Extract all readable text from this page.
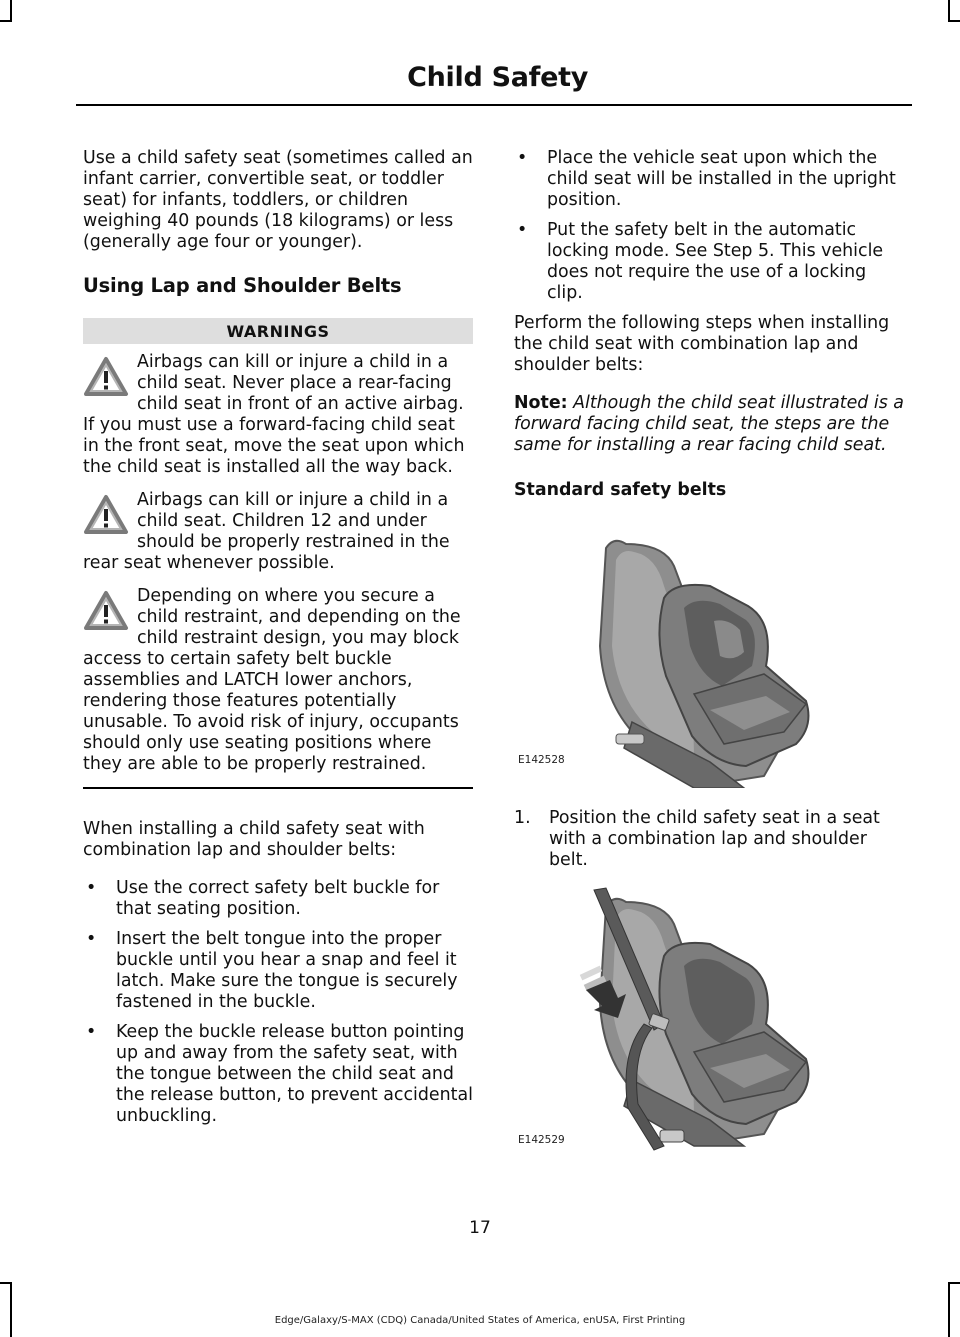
Child Safety

Use a child safety seat (sometimes called an infant carrier, convertible seat, or toddler seat) for infants, toddlers, or children weighing 40 pounds (18 kilograms) or less (generally age four or younger).

Using Lap and Shoulder Belts
WARNINGS
Airbags can kill or injure a child in a child seat. Never place a rear-facing child seat in front of an active airbag. If you must use a forward-facing child seat in the front seat, move the seat upon which the child seat is installed all the way back.
Airbags can kill or injure a child in a child seat. Children 12 and under should be properly restrained in the rear seat whenever possible.
Depending on where you secure a child restraint, and depending on the child restraint design, you may block access to certain safety belt buckle assemblies and LATCH lower anchors, rendering those features potentially unusable. To avoid risk of injury, occupants should only use seating positions where they are able to be properly restrained.

When installing a child safety seat with combination lap and shoulder belts:

• Use the correct safety belt buckle for that seating position.
• Insert the belt tongue into the proper buckle until you hear a snap and feel it latch. Make sure the tongue is securely fastened in the buckle.
• Keep the buckle release button pointing up and away from the safety seat, with the tongue between the child seat and the release button, to prevent accidental unbuckling.
• Place the vehicle seat upon which the child seat will be installed in the upright position.
• Put the safety belt in the automatic locking mode. See Step 5. This vehicle does not require the use of a locking clip.

Perform the following steps when installing the child seat with combination lap and shoulder belts:

Note: Although the child seat illustrated is a forward facing child seat, the steps are the same for installing a rear facing child seat.

Standard safety belts
E142528
1. Position the child safety seat in a seat with a combination lap and shoulder belt.
E142529
17
Edge/Galaxy/S-MAX (CDQ) Canada/United States of America, enUSA, First Printing
